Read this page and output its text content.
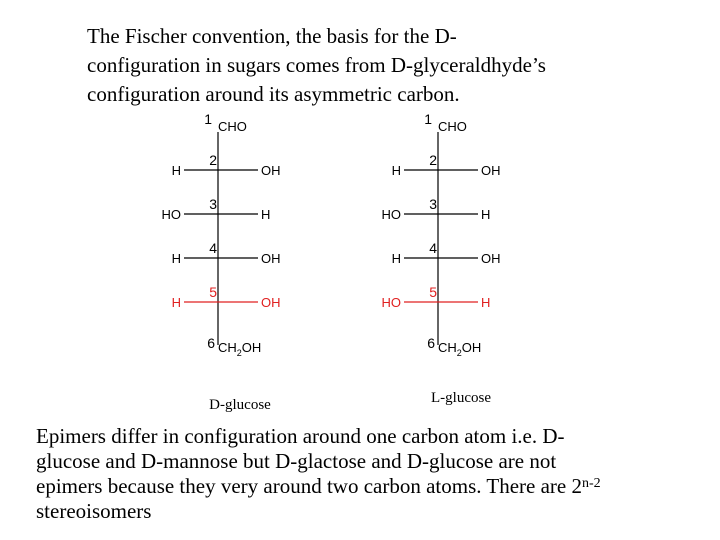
The Fischer convention, the basis for the D-
configuration in sugars comes from D-glyceraldhyde’s
configuration around its asymmetric carbon.
1 CHO
2
H	OH
3
HO	H
4
H	OH
5
H	OH
6 $CH_2OH$
D-glucose
1 CHO
2
H	OH
3
HO	H
4
H	OH
5
HO	H
6 $CH_2OH$
L-glucose
Epimers differ in configuration around one carbon atom i.e. D-
glucose and D-mannose but D-glactose and D-glucose are not
epimers because they very around two carbon atoms. There are 2$^{n-2}$
stereoisomers
